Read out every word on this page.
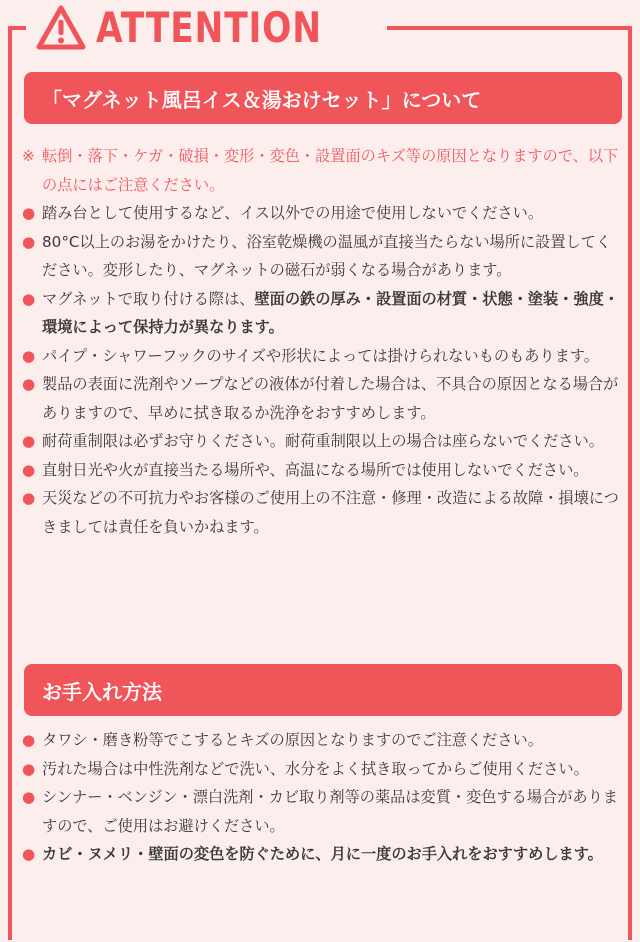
ATTENTION
「マグネット風呂イス＆湯おけセット」について
※ 転倒・落下・ケガ・破損・変形・変色・設置面のキズ等の原因となりますので、以下の点にはご注意ください。
● 踏み台として使用するなど、イス以外での用途で使用しないでください。
● 80°C以上のお湯をかけたり、浴室乾燥機の温風が直接当たらない場所に設置してください。変形したり、マグネットの磁石が弱くなる場合があります。
● マグネットで取り付ける際は、壁面の鉄の厚み・設置面の材質・状態・塗装・強度・環境によって保持力が異なります。
● パイプ・シャワーフックのサイズや形状によっては掛けられないものもあります。
● 製品の表面に洗剤やソープなどの液体が付着した場合は、不具合の原因となる場合がありますので、早めに拭き取るか洗浄をおすすめします。
● 耐荷重制限は必ずお守りください。耐荷重制限以上の場合は座らないでください。
● 直射日光や火が直接当たる場所や、高温になる場所では使用しないでください。
● 天災などの不可抗力やお客様のご使用上の不注意・修理・改造による故障・損壊につきましては責任を負いかねます。
お手入れ方法
● タワシ・磨き粉等でこするとキズの原因となりますのでご注意ください。
● 汚れた場合は中性洗剤などで洗い、水分をよく拭き取ってからご使用ください。
● シンナー・ベンジン・漂白洗剤・カビ取り剤等の薬品は変質・変色する場合がありますので、ご使用はお避けください。
● カビ・ヌメリ・壁面の変色を防ぐために、月に一度のお手入れをおすすめします。
